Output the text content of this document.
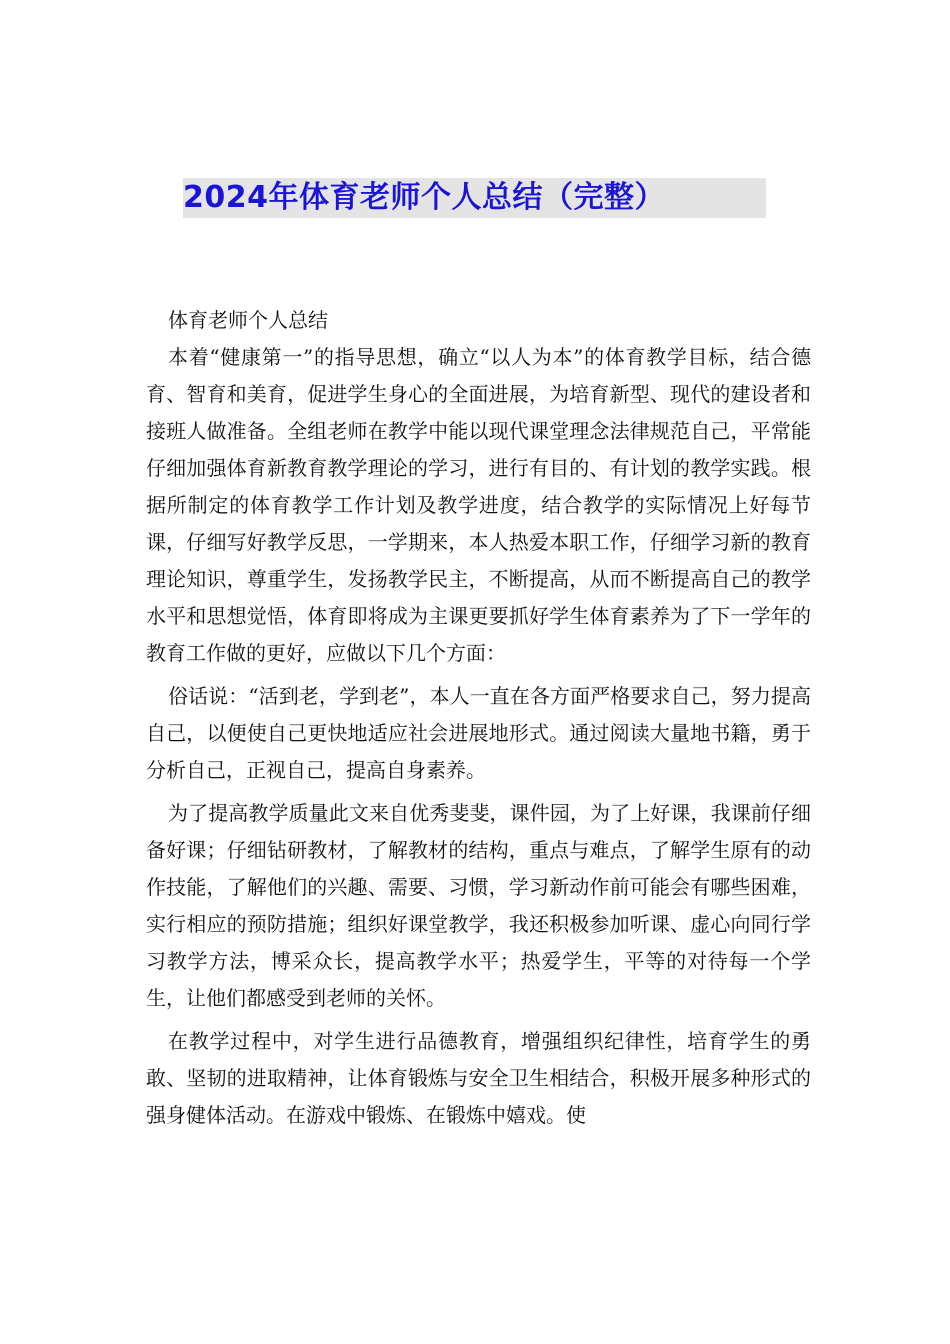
2024年体育老师个人总结（完整）

体育老师个人总结

本着“健康第一”的指导思想，确立“以人为本”的体育教学目标，结合德育、智育和美育，促进学生身心的全面进展，为培育新型、现代的建设者和接班人做准备。全组老师在教学中能以现代课堂理念法律规范自己，平常能仔细加强体育新教育教学理论的学习，进行有目的、有计划的教学实践。根据所制定的体育教学工作计划及教学进度，结合教学的实际情况上好每节课，仔细写好教学反思，一学期来，本人热爱本职工作，仔细学习新的教育理论知识，尊重学生，发扬教学民主，不断提高，从而不断提高自己的教学水平和思想觉悟，体育即将成为主课更要抓好学生体育素养为了下一学年的教育工作做的更好，应做以下几个方面：

俗话说：“活到老，学到老”，本人一直在各方面严格要求自己，努力提高自己，以便使自己更快地适应社会进展地形式。通过阅读大量地书籍，勇于分析自己，正视自己，提高自身素养。

为了提高教学质量此文来自优秀斐斐，课件园，为了上好课，我课前仔细备好课；仔细钻研教材，了解教材的结构，重点与难点，了解学生原有的动作技能，了解他们的兴趣、需要、习惯，学习新动作前可能会有哪些困难，实行相应的预防措施；组织好课堂教学，我还积极参加听课、虚心向同行学习教学方法，博采众长，提高教学水平；热爱学生，平等的对待每一个学生，让他们都感受到老师的关怀。

在教学过程中，对学生进行品德教育，增强组织纪律性，培育学生的勇敢、坚韧的进取精神，让体育锻炼与安全卫生相结合，积极开展多种形式的强身健体活动。在游戏中锻炼、在锻炼中嬉戏。使
